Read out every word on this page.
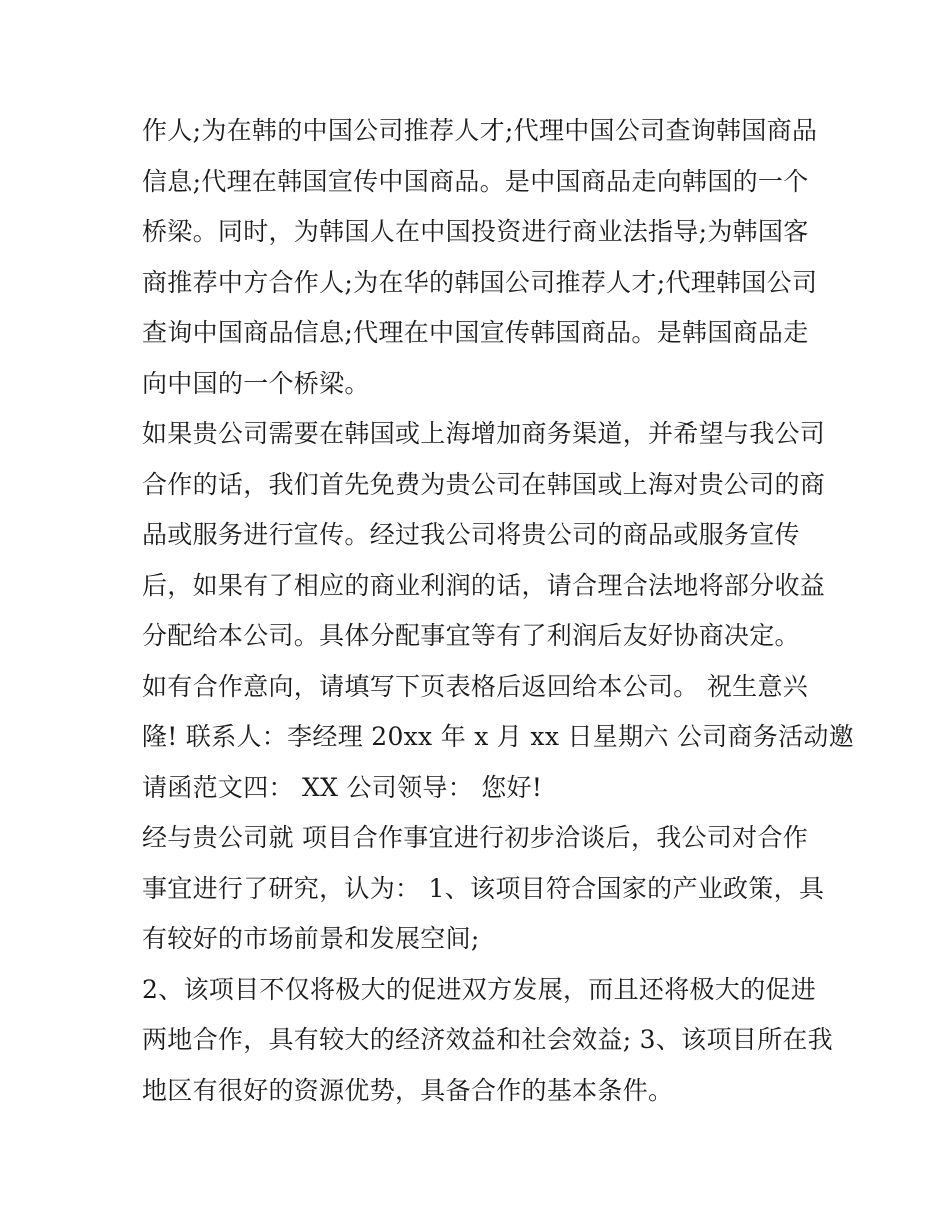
作人;为在韩的中国公司推荐人才;代理中国公司查询韩国商品
信息;代理在韩国宣传中国商品。是中国商品走向韩国的一个
桥梁。同时，为韩国人在中国投资进行商业法指导;为韩国客
商推荐中方合作人;为在华的韩国公司推荐人才;代理韩国公司
查询中国商品信息;代理在中国宣传韩国商品。是韩国商品走
向中国的一个桥梁。
如果贵公司需要在韩国或上海增加商务渠道，并希望与我公司
合作的话，我们首先免费为贵公司在韩国或上海对贵公司的商
品或服务进行宣传。经过我公司将贵公司的商品或服务宣传
后，如果有了相应的商业利润的话，请合理合法地将部分收益
分配给本公司。具体分配事宜等有了利润后友好协商决定。
如有合作意向，请填写下页表格后返回给本公司。 祝生意兴
隆! 联系人：李经理 20xx 年 x 月 xx 日星期六 公司商务活动邀
请函范文四： XX 公司领导： 您好!
经与贵公司就 项目合作事宜进行初步洽谈后，我公司对合作
事宜进行了研究，认为： 1、该项目符合国家的产业政策，具
有较好的市场前景和发展空间;
2、该项目不仅将极大的促进双方发展，而且还将极大的促进
两地合作，具有较大的经济效益和社会效益; 3、该项目所在我
地区有很好的资源优势，具备合作的基本条件。
